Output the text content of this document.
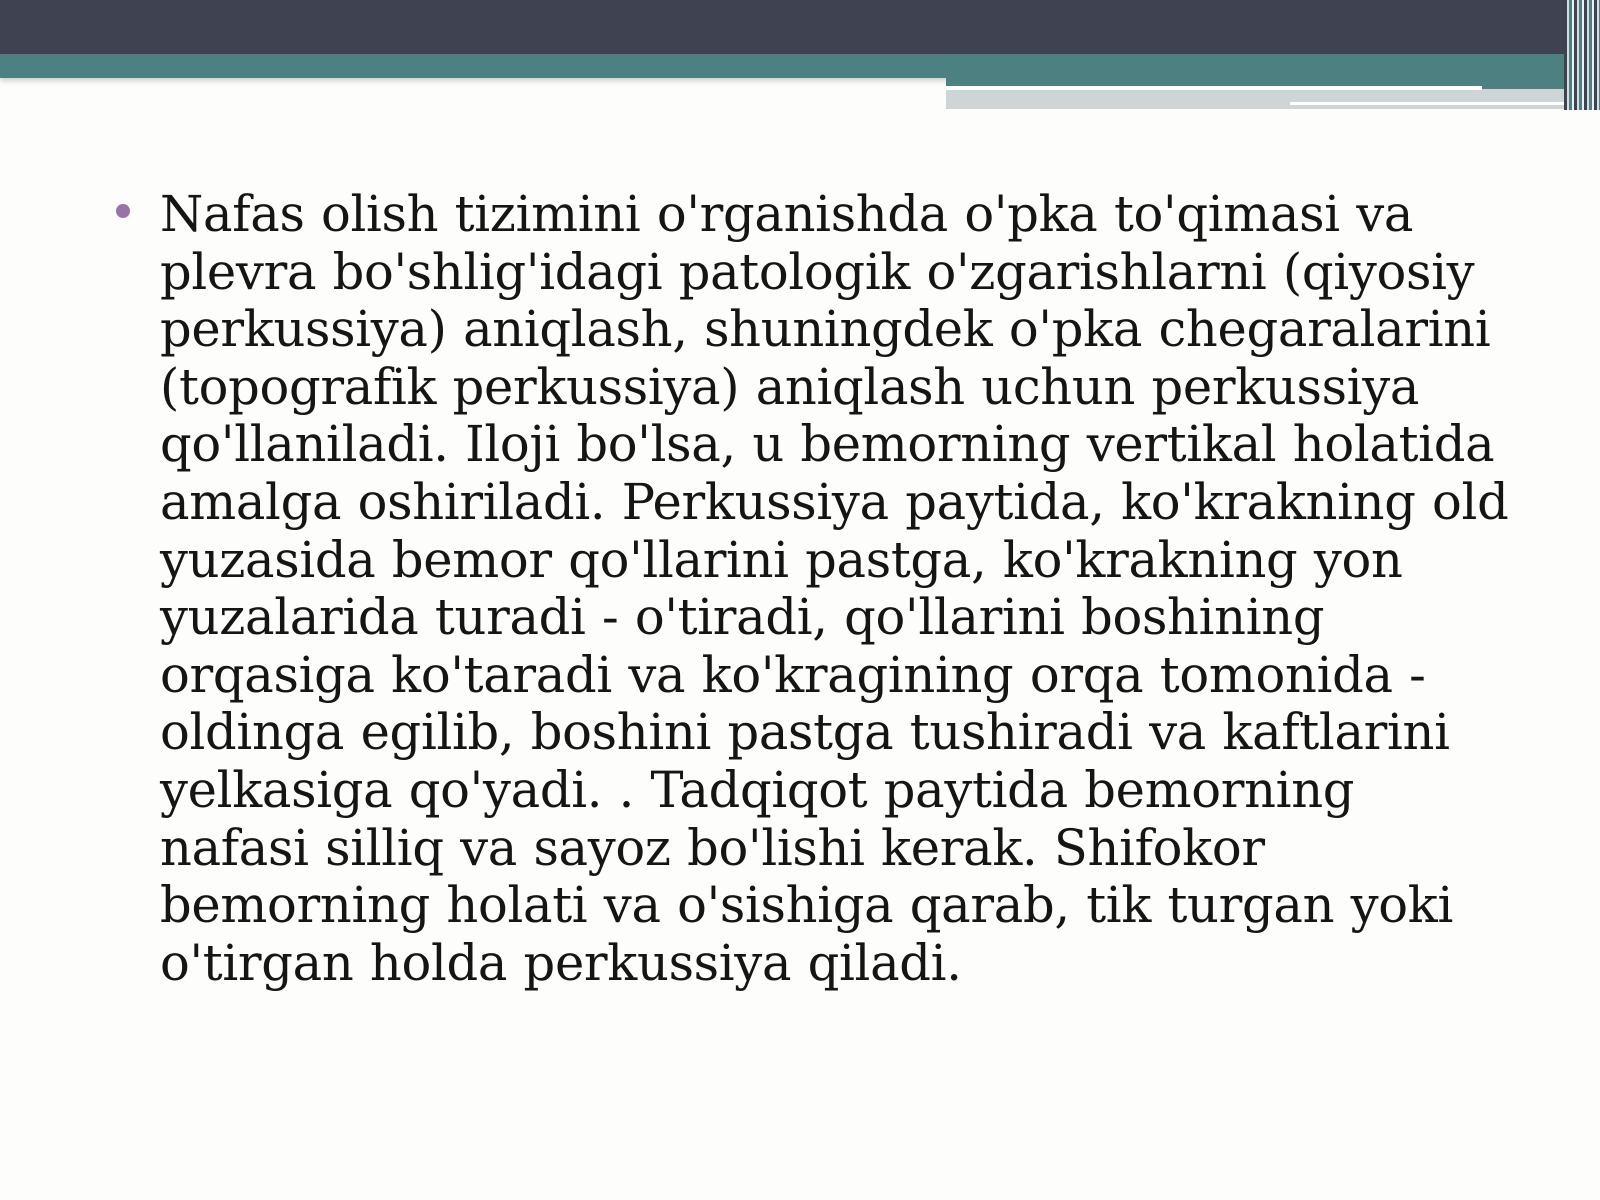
Nafas olish tizimini o'rganishda o'pka to'qimasi va plevra bo'shlig'idagi patologik o'zgarishlarni (qiyosiy perkussiya) aniqlash, shuningdek o'pka chegaralarini (topografik perkussiya) aniqlash uchun perkussiya qo'llaniladi. Iloji bo'lsa, u bemorning vertikal holatida amalga oshiriladi. Perkussiya paytida, ko'krakning old yuzasida bemor qo'llarini pastga, ko'krakning yon yuzalarida turadi - o'tiradi, qo'llarini boshining orqasiga ko'taradi va ko'kragining orqa tomonida - oldinga egilib, boshini pastga tushiradi va kaftlarini yelkasiga qo'yadi. . Tadqiqot paytida bemorning nafasi silliq va sayoz bo'lishi kerak. Shifokor bemorning holati va o'sishiga qarab, tik turgan yoki o'tirgan holda perkussiya qiladi.
